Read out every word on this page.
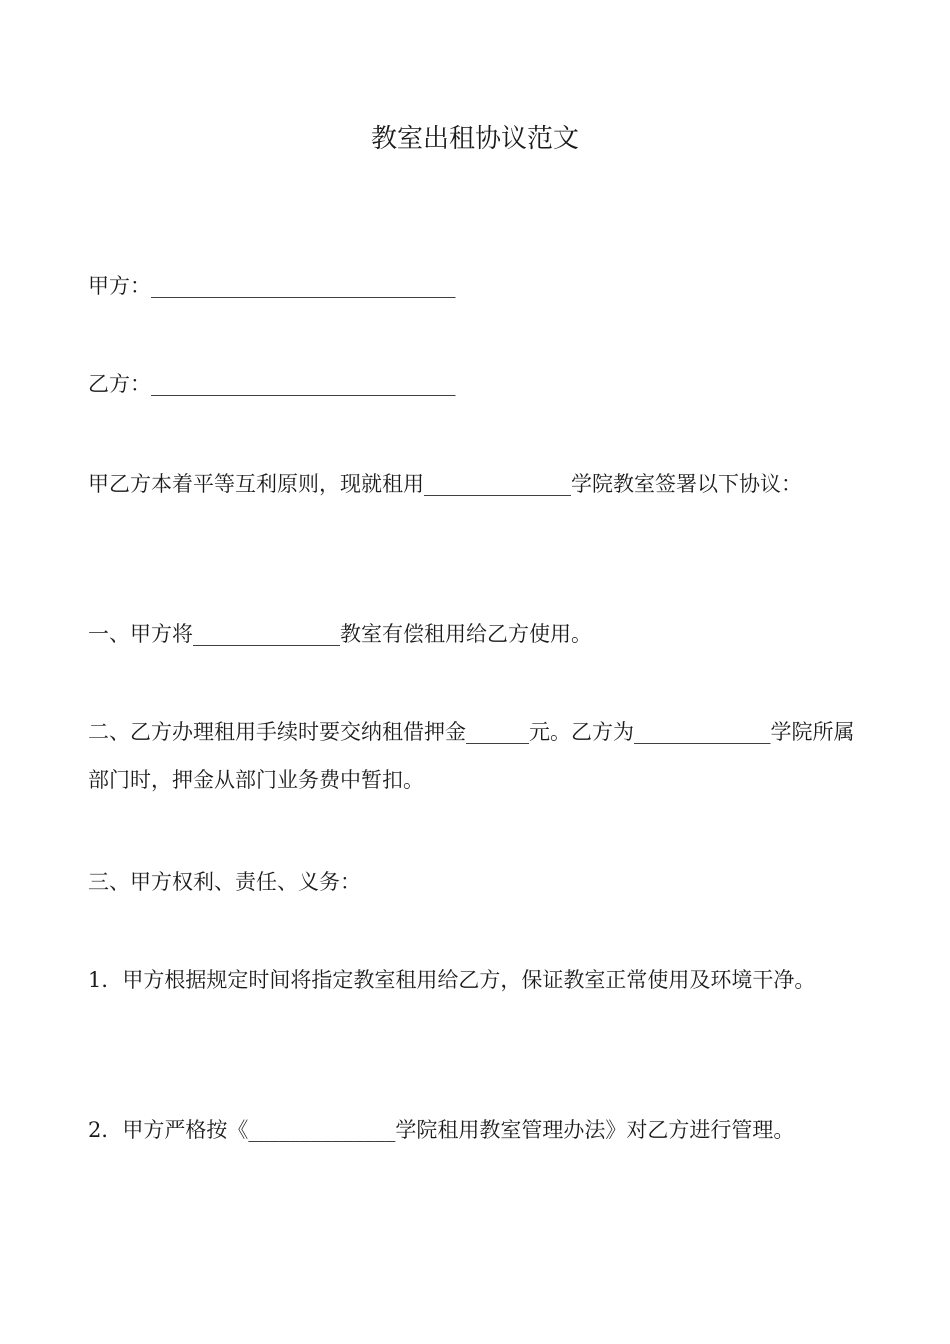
教室出租协议范文
甲方：_____________________________
乙方：_____________________________
甲乙方本着平等互利原则，现就租用______________学院教室签署以下协议：
一、甲方将______________教室有偿租用给乙方使用。
二、乙方办理租用手续时要交纳租借押金______元。乙方为_____________学院所属部门时，押金从部门业务费中暂扣。
三、甲方权利、责任、义务：
1．甲方根据规定时间将指定教室租用给乙方，保证教室正常使用及环境干净。
2．甲方严格按《______________学院租用教室管理办法》对乙方进行管理。
